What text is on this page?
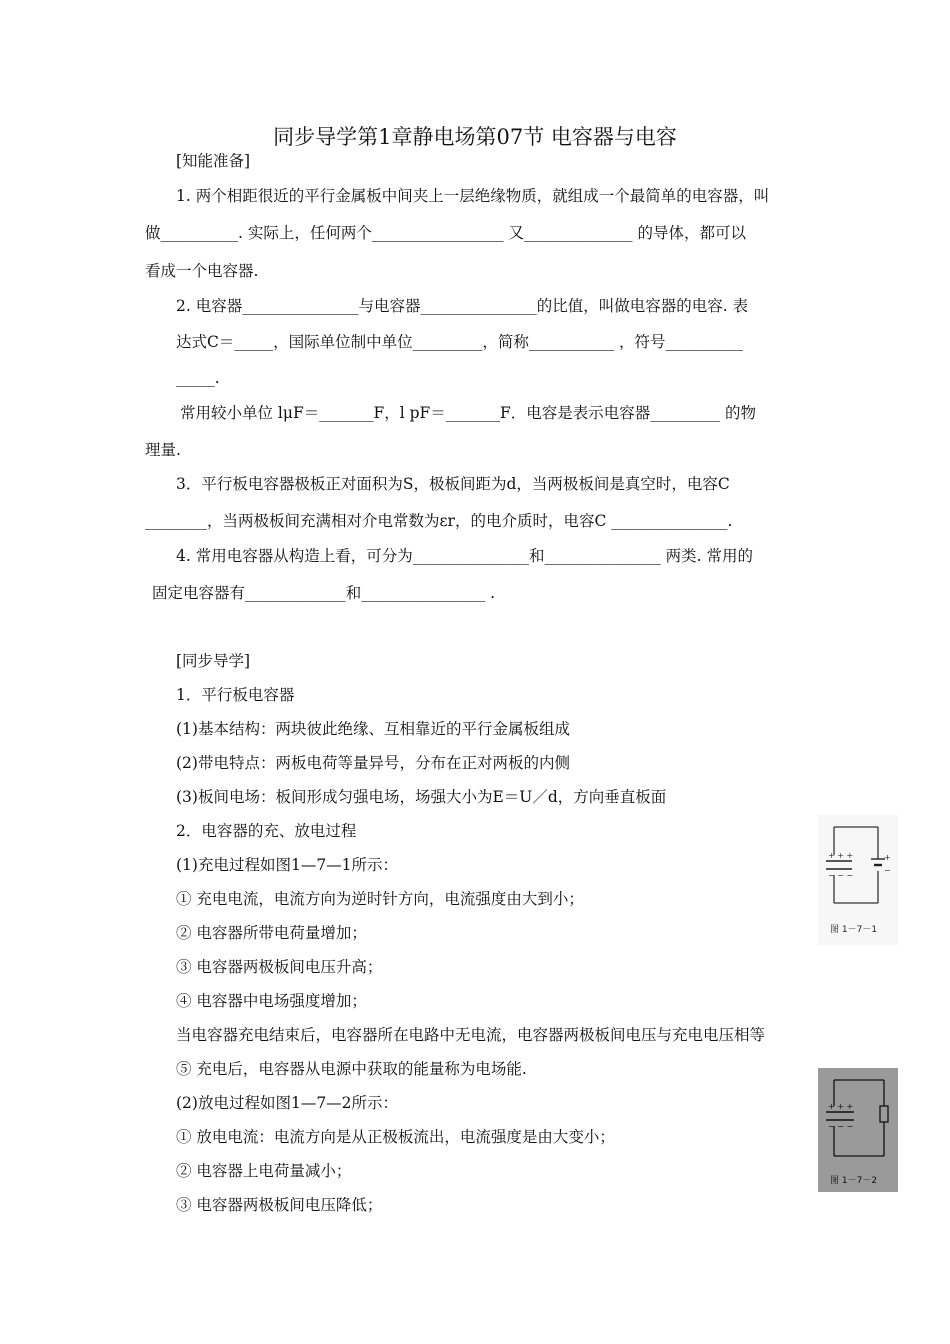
同步导学第1章静电场第07节 电容器与电容
[知能准备]
1. 两个相距很近的平行金属板中间夹上一层绝缘物质，就组成一个最简单的电容器，叫
做__________. 实际上，任何两个_________________ 又______________ 的导体，都可以
看成一个电容器.
2. 电容器_______________与电容器_______________的比值，叫做电容器的电容. 表
达式C＝_____，国际单位制中单位_________，简称___________ ，符号__________
_____.
常用较小单位 lμF＝_______F，l pF＝_______F．电容是表示电容器_________ 的物
理量.
3．平行板电容器极板正对面积为S，极板间距为d，当两极板间是真空时，电容C
________，当两极板间充满相对介电常数为εr，的电介质时，电容C _______________.
4. 常用电容器从构造上看，可分为_______________和_______________ 两类. 常用的
固定电容器有_____________和________________ .
[同步导学]
1．平行板电容器
(1)基本结构：两块彼此绝缘、互相靠近的平行金属板组成
(2)带电特点：两板电荷等量异号，分布在正对两板的内侧
(3)板间电场：板间形成匀强电场，场强大小为E＝U／d，方向垂直板面
2．电容器的充、放电过程
(1)充电过程如图1—7—1所示：
① 充电电流，电流方向为逆时针方向，电流强度由大到小；
② 电容器所带电荷量增加；
③ 电容器两极板间电压升高；
④ 电容器中电场强度增加；
当电容器充电结束后，电容器所在电路中无电流，电容器两极板间电压与充电电压相等
⑤ 充电后，电容器从电源中获取的能量称为电场能.
(2)放电过程如图1—7—2所示：
① 放电电流：电流方向是从正极板流出，电流强度是由大变小；
② 电容器上电荷量减小；
③ 电容器两极板间电压降低；
+ + +
− − −
+
−
图 1－7－1
+ + +
− − −
图 1－7－2
